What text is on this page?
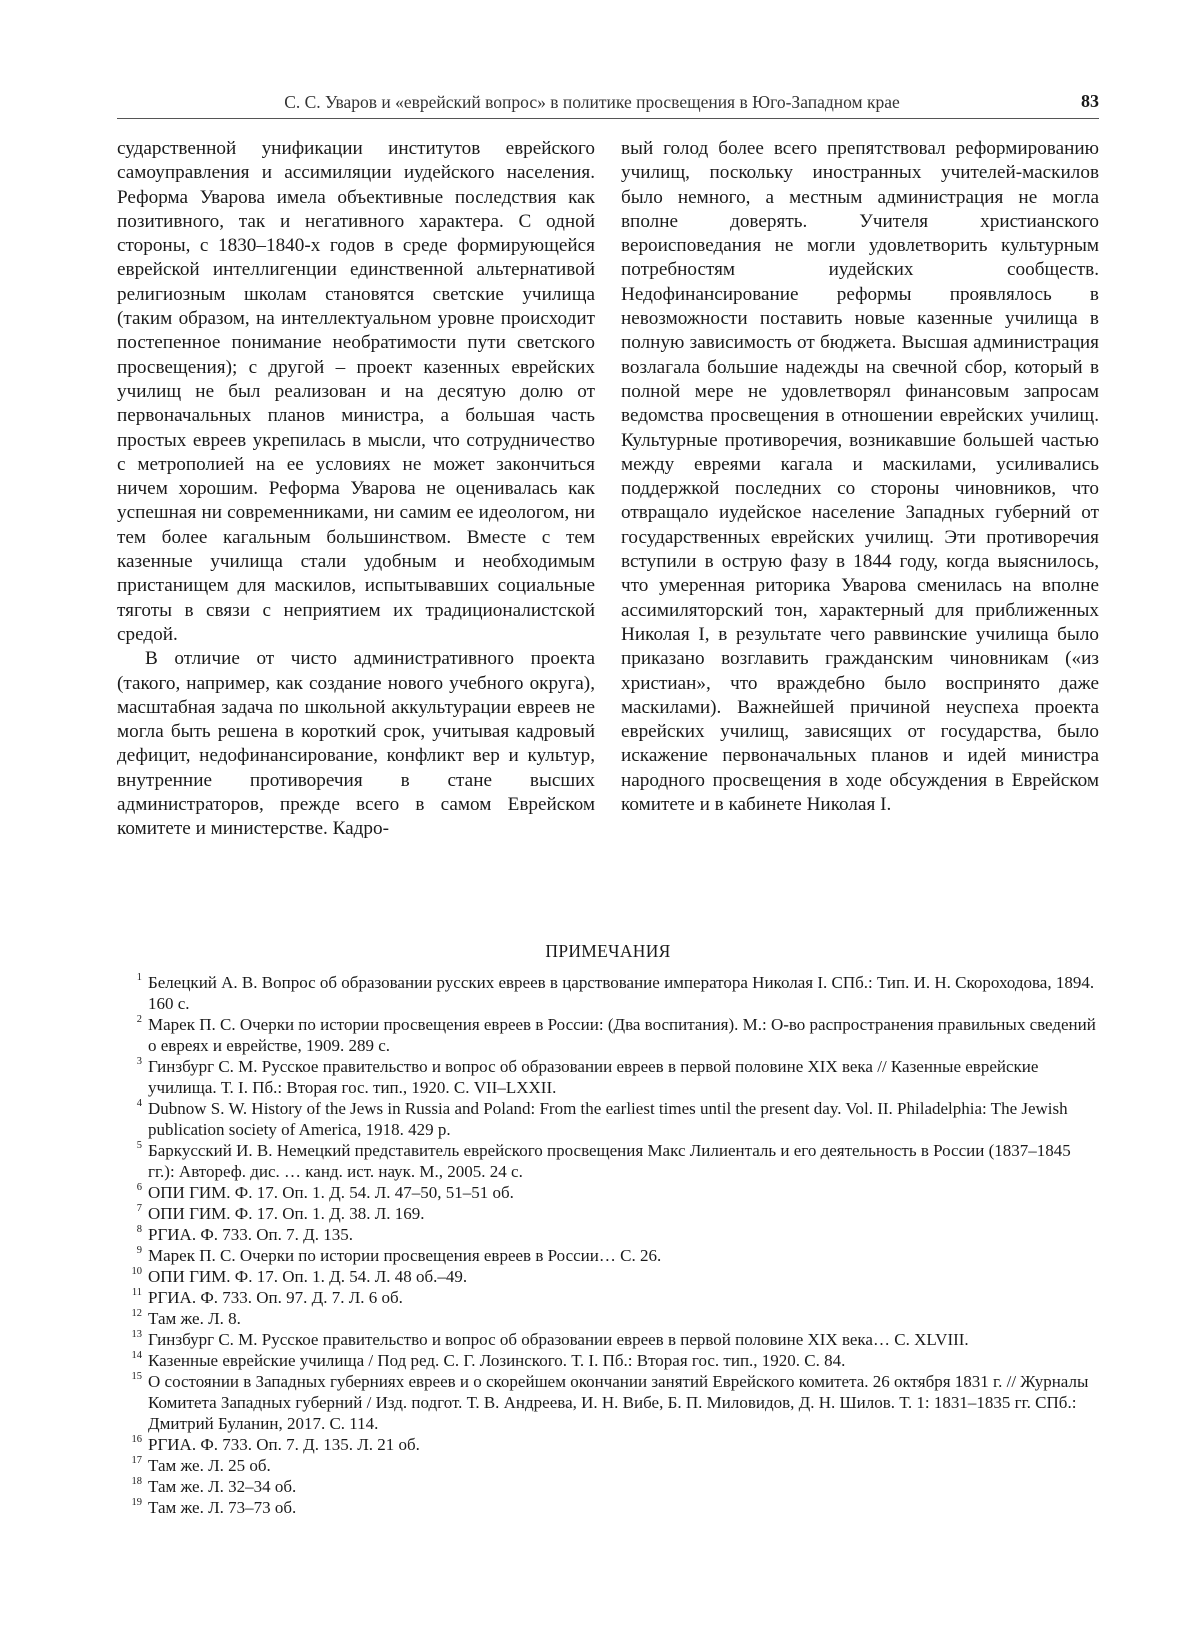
С. С. Уваров и «еврейский вопрос» в политике просвещения в Юго-Западном крае	83

сударственной унификации институтов еврейского самоуправления и ассимиляции иудейского населения. Реформа Уварова имела объективные последствия как позитивного, так и негативного характера. С одной стороны, с 1830–1840-х годов в среде формирующейся еврейской интеллигенции единственной альтернативой религиозным школам становятся светские училища (таким образом, на интеллектуальном уровне происходит постепенное понимание необратимости пути светского просвещения); с другой – проект казенных еврейских училищ не был реализован и на десятую долю от первоначальных планов министра, а большая часть простых евреев укрепилась в мысли, что сотрудничество с метрополией на ее условиях не может закончиться ничем хорошим. Реформа Уварова не оценивалась как успешная ни современниками, ни самим ее идеологом, ни тем более кагальным большинством. Вместе с тем казенные училища стали удобным и необходимым пристанищем для маскилов, испытывавших социальные тяготы в связи с неприятием их традиционалистской средой.

В отличие от чисто административного проекта (такого, например, как создание нового учебного округа), масштабная задача по школьной аккультурации евреев не могла быть решена в короткий срок, учитывая кадровый дефицит, недофинансирование, конфликт вер и культур, внутренние противоречия в стане высших администраторов, прежде всего в самом Еврейском комитете и министерстве. Кадро-

вый голод более всего препятствовал реформированию училищ, поскольку иностранных учителей-маскилов было немного, а местным администрация не могла вполне доверять. Учителя христианского вероисповедания не могли удовлетворить культурным потребностям иудейских сообществ. Недофинансирование реформы проявлялось в невозможности поставить новые казенные училища в полную зависимость от бюджета. Высшая администрация возлагала большие надежды на свечной сбор, который в полной мере не удовлетворял финансовым запросам ведомства просвещения в отношении еврейских училищ. Культурные противоречия, возникавшие большей частью между евреями кагала и маскилами, усиливались поддержкой последних со стороны чиновников, что отвращало иудейское население Западных губерний от государственных еврейских училищ. Эти противоречия вступили в острую фазу в 1844 году, когда выяснилось, что умеренная риторика Уварова сменилась на вполне ассимиляторский тон, характерный для приближенных Николая I, в результате чего раввинские училища было приказано возглавить гражданским чиновникам («из христиан», что враждебно было воспринято даже маскилами). Важнейшей причиной неуспеха проекта еврейских училищ, зависящих от государства, было искажение первоначальных планов и идей министра народного просвещения в ходе обсуждения в Еврейском комитете и в кабинете Николая I.

ПРИМЕЧАНИЯ
1 Белецкий А. В. Вопрос об образовании русских евреев в царствование императора Николая I. СПб.: Тип. И. Н. Скороходова, 1894. 160 с.
2 Марек П. С. Очерки по истории просвещения евреев в России: (Два воспитания). М.: О-во распространения правильных сведений о евреях и еврействе, 1909. 289 с.
3 Гинзбург С. М. Русское правительство и вопрос об образовании евреев в первой половине XIX века // Казенные еврейские училища. Т. I. Пб.: Вторая гос. тип., 1920. С. VII–LXXII.
4 Dubnow S. W. History of the Jews in Russia and Poland: From the earliest times until the present day. Vol. II. Philadelphia: The Jewish publication society of America, 1918. 429 p.
5 Баркусский И. В. Немецкий представитель еврейского просвещения Макс Лилиенталь и его деятельность в России (1837–1845 гг.): Автореф. дис. … канд. ист. наук. М., 2005. 24 с.
6 ОПИ ГИМ. Ф. 17. Оп. 1. Д. 54. Л. 47–50, 51–51 об.
7 ОПИ ГИМ. Ф. 17. Оп. 1. Д. 38. Л. 169.
8 РГИА. Ф. 733. Оп. 7. Д. 135.
9 Марек П. С. Очерки по истории просвещения евреев в России… С. 26.
10 ОПИ ГИМ. Ф. 17. Оп. 1. Д. 54. Л. 48 об.–49.
11 РГИА. Ф. 733. Оп. 97. Д. 7. Л. 6 об.
12 Там же. Л. 8.
13 Гинзбург С. М. Русское правительство и вопрос об образовании евреев в первой половине XIX века… С. XLVIII.
14 Казенные еврейские училища / Под ред. С. Г. Лозинского. Т. I. Пб.: Вторая гос. тип., 1920. С. 84.
15 О состоянии в Западных губерниях евреев и о скорейшем окончании занятий Еврейского комитета. 26 октября 1831 г. // Журналы Комитета Западных губерний / Изд. подгот. Т. В. Андреева, И. Н. Вибе, Б. П. Миловидов, Д. Н. Шилов. Т. 1: 1831–1835 гг. СПб.: Дмитрий Буланин, 2017. С. 114.
16 РГИА. Ф. 733. Оп. 7. Д. 135. Л. 21 об.
17 Там же. Л. 25 об.
18 Там же. Л. 32–34 об.
19 Там же. Л. 73–73 об.
